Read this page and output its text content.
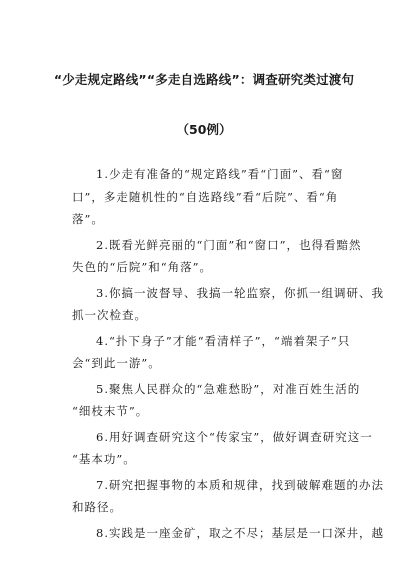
“少走规定路线”“多走自选路线”：调查研究类过渡句
（50例）
1.少走有准备的“规定路线”看“门面”、看“窗
口”，多走随机性的“自选路线”看“后院”、看“角
落”。
2.既看光鲜亮丽的“门面”和“窗口”，也得看黯然
失色的“后院”和“角落”。
3.你搞一波督导、我搞一轮监察，你抓一组调研、我
抓一次检查。
4.“扑下身子”才能“看清样子”，“端着架子”只
会“到此一游”。
5.聚焦人民群众的“急难愁盼”，对准百姓生活的
“细枝末节”。
6.用好调查研究这个“传家宝”，做好调查研究这一
“基本功”。
7.研究把握事物的本质和规律，找到破解难题的办法
和路径。
8.实践是一座金矿，取之不尽；基层是一口深井，越
